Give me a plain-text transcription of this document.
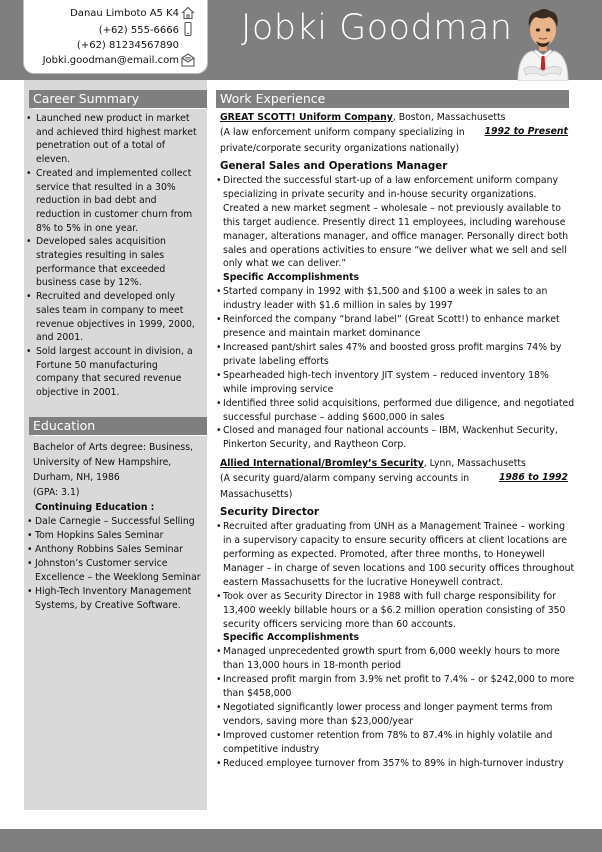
Danau Limboto A5 K4
(+62) 555-6666
(+62) 81234567890
Jobki.goodman@email.com
Jobki Goodman
Career Summary
• Launched new product in market and achieved third highest market penetration out of a total of eleven.
• Created and implemented collect service that resulted in a 30% reduction in bad debt and reduction in customer churn from 8% to 5% in one year.
• Developed sales acquisition strategies resulting in sales performance that exceeded business case by 12%.
• Recruited and developed only sales team in company to meet revenue objectives in 1999, 2000, and 2001.
• Sold largest account in division, a Fortune 50 manufacturing company that secured revenue objective in 2001.
Education
Bachelor of Arts degree: Business,
University of New Hampshire,
Durham, NH, 1986
(GPA: 3.1)
Continuing Education :
• Dale Carnegie – Successful Selling
• Tom Hopkins Sales Seminar
• Anthony Robbins Sales Seminar
• Johnston’s Customer service Excellence – the Weeklong Seminar
• High-Tech Inventory Management Systems, by Creative Software.
Work Experience
GREAT SCOTT! Uniform Company, Boston, Massachusetts
1992 to Present
(A law enforcement uniform company specializing in private/corporate security organizations nationally)
General Sales and Operations Manager
• Directed the successful start-up of a law enforcement uniform company specializing in private security and in-house security organizations. Created a new market segment – wholesale – not previously available to this target audience. Presently direct 11 employees, including warehouse manager, alterations manager, and office manager. Personally direct both sales and operations activities to ensure “we deliver what we sell and sell only what we can deliver.”
Specific Accomplishments
• Started company in 1992 with $1,500 and $100 a week in sales to an industry leader with $1.6 million in sales by 1997
• Reinforced the company “brand label” (Great Scott!) to enhance market presence and maintain market dominance
• Increased pant/shirt sales 47% and boosted gross profit margins 74% by private labeling efforts
• Spearheaded high-tech inventory JIT system – reduced inventory 18% while improving service
• Identified three solid acquisitions, performed due diligence, and negotiated successful purchase – adding $600,000 in sales
• Closed and managed four national accounts – IBM, Wackenhut Security, Pinkerton Security, and Raytheon Corp.
Allied International/Bromley’s Security, Lynn, Massachusetts
1986 to 1992
(A security guard/alarm company serving accounts in Massachusetts)
Security Director
• Recruited after graduating from UNH as a Management Trainee – working in a supervisory capacity to ensure security officers at client locations are performing as expected. Promoted, after three months, to Honeywell Manager – in charge of seven locations and 100 security offices throughout eastern Massachusetts for the lucrative Honeywell contract.
• Took over as Security Director in 1988 with full charge responsibility for 13,400 weekly billable hours or a $6.2 million operation consisting of 350 security officers servicing more than 60 accounts.
Specific Accomplishments
• Managed unprecedented growth spurt from 6,000 weekly hours to more than 13,000 hours in 18-month period
• Increased profit margin from 3.9% net profit to 7.4% – or $242,000 to more than $458,000
• Negotiated significantly lower process and longer payment terms from vendors, saving more than $23,000/year
• Improved customer retention from 78% to 87.4% in highly volatile and competitive industry
• Reduced employee turnover from 357% to 89% in high-turnover industry
